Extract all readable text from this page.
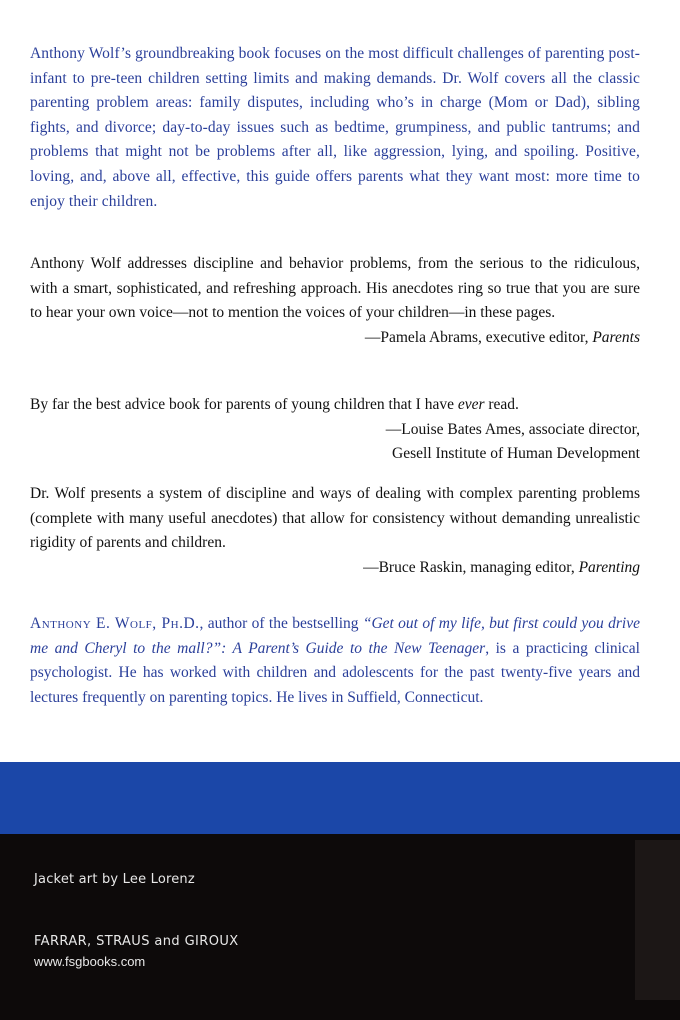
Anthony Wolf’s groundbreaking book focuses on the most difficult challenges of parenting post-infant to pre-teen children setting limits and making demands. Dr. Wolf covers all the classic parenting problem areas: family disputes, including who’s in charge (Mom or Dad), sibling fights, and divorce; day-to-day issues such as bedtime, grumpiness, and public tantrums; and problems that might not be problems after all, like aggression, lying, and spoiling. Positive, loving, and, above all, effective, this guide offers parents what they want most: more time to enjoy their children.

Anthony Wolf addresses discipline and behavior problems, from the serious to the ridiculous, with a smart, sophisticated, and refreshing approach. His anecdotes ring so true that you are sure to hear your own voice—not to mention the voices of your children—in these pages.
—Pamela Abrams, executive editor, Parents
By far the best advice book for parents of young children that I have ever read.
—Louise Bates Ames, associate director,
Gesell Institute of Human Development
Dr. Wolf presents a system of discipline and ways of dealing with complex parenting problems (complete with many useful anecdotes) that allow for consistency without demanding unrealistic rigidity of parents and children.
—Bruce Raskin, managing editor, Parenting
Anthony E. Wolf, Ph.D., author of the bestselling “Get out of my life, but first could you drive me and Cheryl to the mall?”: A Parent’s Guide to the New Teenager, is a practicing clinical psychologist. He has worked with children and adolescents for the past twenty-five years and lectures frequently on parenting topics. He lives in Suffield, Connecticut.
Jacket art by Lee Lorenz
FARRAR, STRAUS and GIROUX
www.fsgbooks.com
